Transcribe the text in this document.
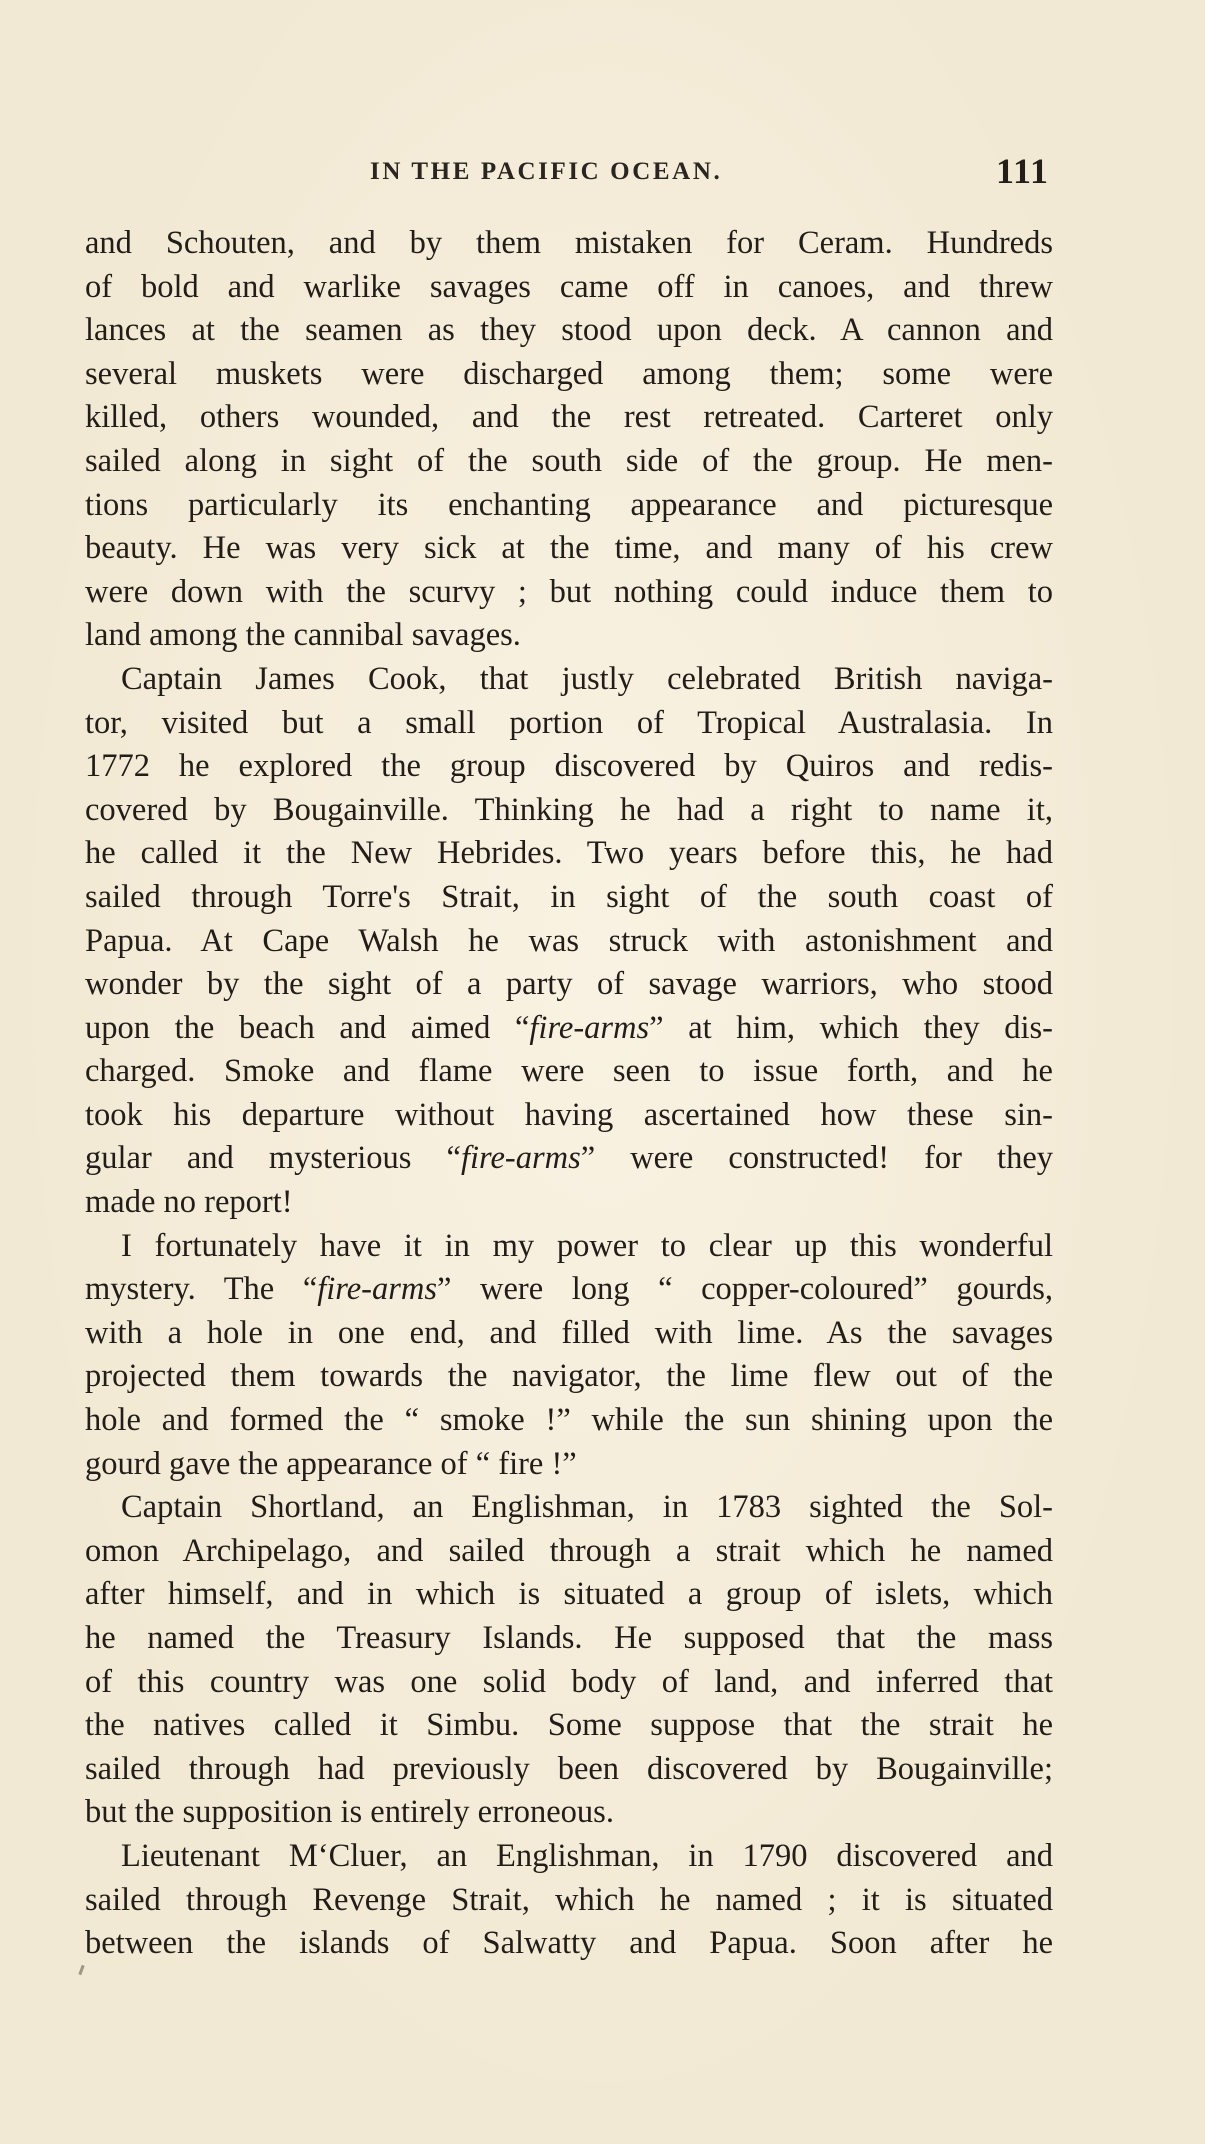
IN THE PACIFIC OCEAN.	111
and Schouten, and by them mistaken for Ceram. Hundreds
of bold and warlike savages came off in canoes, and threw
lances at the seamen as they stood upon deck. A cannon and
several muskets were discharged among them; some were
killed, others wounded, and the rest retreated. Carteret only
sailed along in sight of the south side of the group. He men-
tions particularly its enchanting appearance and picturesque
beauty. He was very sick at the time, and many of his crew
were down with the scurvy ; but nothing could induce them to
land among the cannibal savages.
Captain James Cook, that justly celebrated British naviga-
tor, visited but a small portion of Tropical Australasia. In
1772 he explored the group discovered by Quiros and redis-
covered by Bougainville. Thinking he had a right to name it,
he called it the New Hebrides. Two years before this, he had
sailed through Torre's Strait, in sight of the south coast of
Papua. At Cape Walsh he was struck with astonishment and
wonder by the sight of a party of savage warriors, who stood
upon the beach and aimed “fire-arms” at him, which they dis-
charged. Smoke and flame were seen to issue forth, and he
took his departure without having ascertained how these sin-
gular and mysterious “fire-arms” were constructed! for they
made no report!
I fortunately have it in my power to clear up this wonderful
mystery. The “fire-arms” were long “ copper-coloured” gourds,
with a hole in one end, and filled with lime. As the savages
projected them towards the navigator, the lime flew out of the
hole and formed the “ smoke !” while the sun shining upon the
gourd gave the appearance of “ fire !”
Captain Shortland, an Englishman, in 1783 sighted the Sol-
omon Archipelago, and sailed through a strait which he named
after himself, and in which is situated a group of islets, which
he named the Treasury Islands. He supposed that the mass
of this country was one solid body of land, and inferred that
the natives called it Simbu. Some suppose that the strait he
sailed through had previously been discovered by Bougainville;
but the supposition is entirely erroneous.
Lieutenant M‘Cluer, an Englishman, in 1790 discovered and
sailed through Revenge Strait, which he named ; it is situated
between the islands of Salwatty and Papua. Soon after he
